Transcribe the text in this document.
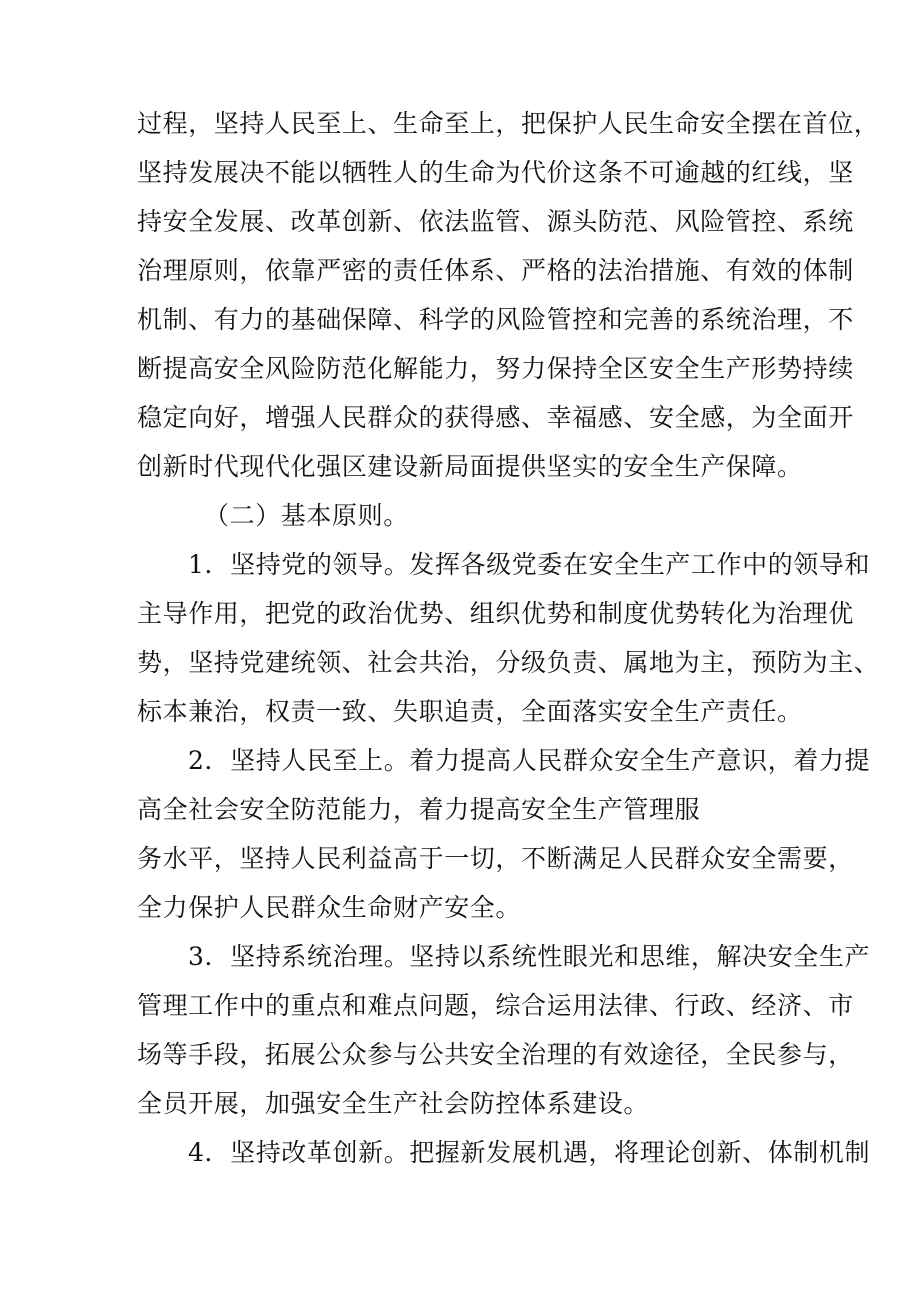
过程，坚持人民至上、生命至上，把保护人民生命安全摆在首位，
坚持发展决不能以牺牲人的生命为代价这条不可逾越的红线，坚
持安全发展、改革创新、依法监管、源头防范、风险管控、系统
治理原则，依靠严密的责任体系、严格的法治措施、有效的体制
机制、有力的基础保障、科学的风险管控和完善的系统治理，不
断提高安全风险防范化解能力，努力保持全区安全生产形势持续
稳定向好，增强人民群众的获得感、幸福感、安全感，为全面开
创新时代现代化强区建设新局面提供坚实的安全生产保障。
（二）基本原则。
1．坚持党的领导。发挥各级党委在安全生产工作中的领导和
主导作用，把党的政治优势、组织优势和制度优势转化为治理优
势，坚持党建统领、社会共治，分级负责、属地为主，预防为主、
标本兼治，权责一致、失职追责，全面落实安全生产责任。
2．坚持人民至上。着力提高人民群众安全生产意识，着力提
高全社会安全防范能力，着力提高安全生产管理服
务水平，坚持人民利益高于一切，不断满足人民群众安全需要，
全力保护人民群众生命财产安全。
3．坚持系统治理。坚持以系统性眼光和思维，解决安全生产
管理工作中的重点和难点问题，综合运用法律、行政、经济、市
场等手段，拓展公众参与公共安全治理的有效途径，全民参与，
全员开展，加强安全生产社会防控体系建设。
4．坚持改革创新。把握新发展机遇，将理论创新、体制机制
